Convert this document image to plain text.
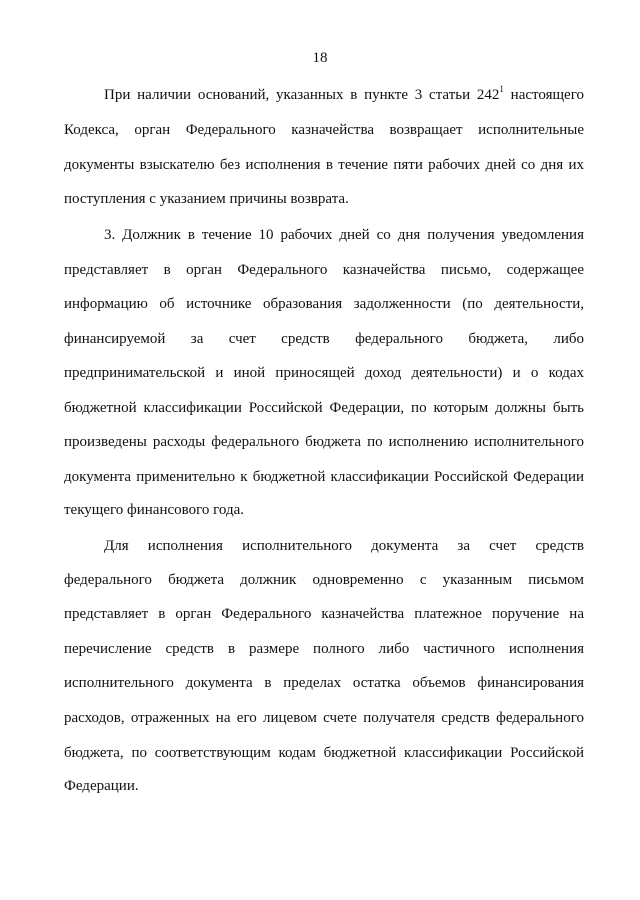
18
При наличии оснований, указанных в пункте 3 статьи $242^1$ настоящего
Кодекса, орган Федерального казначейства возвращает исполнительные
документы взыскателю без исполнения в течение пяти рабочих дней со дня их
поступления с указанием причины возврата.
3. Должник в течение 10 рабочих дней со дня получения уведомления
представляет в орган Федерального казначейства письмо, содержащее
информацию об источнике образования задолженности (по деятельности,
финансируемой за счет средств федерального бюджета, либо
предпринимательской и иной приносящей доход деятельности) и о кодах
бюджетной классификации Российской Федерации, по которым должны быть
произведены расходы федерального бюджета по исполнению исполнительного
документа применительно к бюджетной классификации Российской Федерации
текущего финансового года.
Для исполнения исполнительного документа за счет средств
федерального бюджета должник одновременно с указанным письмом
представляет в орган Федерального казначейства платежное поручение на
перечисление средств в размере полного либо частичного исполнения
исполнительного документа в пределах остатка объемов финансирования
расходов, отраженных на его лицевом счете получателя средств федерального
бюджета, по соответствующим кодам бюджетной классификации Российской
Федерации.
